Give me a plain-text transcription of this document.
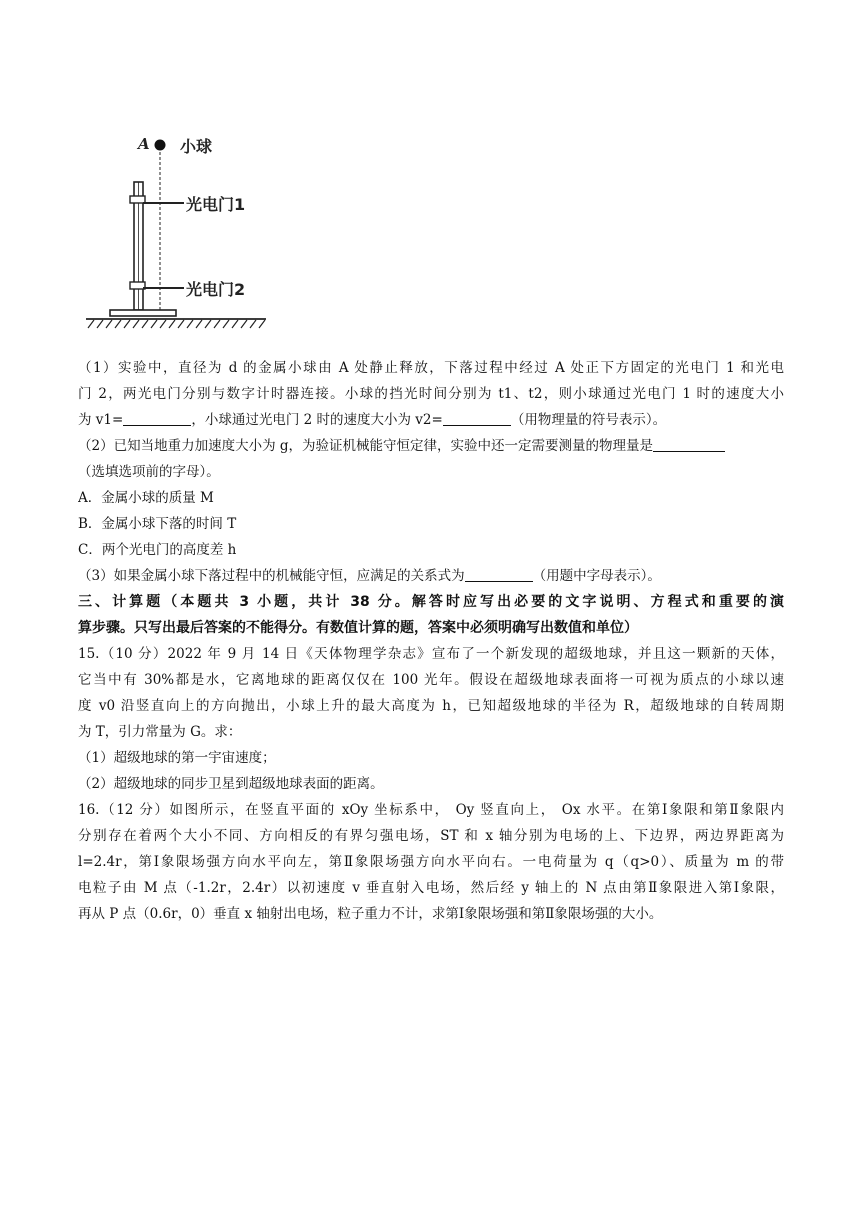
A 小球
光电门1
光电门2
（1）实验中，直径为 d 的金属小球由 A 处静止释放，下落过程中经过 A 处正下方固定的光电门 1 和光电
门 2，两光电门分别与数字计时器连接。小球的挡光时间分别为 t1、t2，则小球通过光电门 1 时的速度大小
为 v1=	，小球通过光电门 2 时的速度大小为 v2=	（用物理量的符号表示）。
（2）已知当地重力加速度大小为 g，为验证机械能守恒定律，实验中还一定需要测量的物理量是
（选填选项前的字母）。
A．金属小球的质量 M
B．金属小球下落的时间 T
C．两个光电门的高度差 h
（3）如果金属小球下落过程中的机械能守恒，应满足的关系式为	（用题中字母表示）。
三、计算题（本题共 3 小题，共计 38 分。解答时应写出必要的文字说明、方程式和重要的演
算步骤。只写出最后答案的不能得分。有数值计算的题，答案中必须明确写出数值和单位）
15.（10 分）2022 年 9 月 14 日《天体物理学杂志》宣布了一个新发现的超级地球，并且这一颗新的天体，
它当中有 30%都是水，它离地球的距离仅仅在 100 光年。假设在超级地球表面将一可视为质点的小球以速
度 v0 沿竖直向上的方向抛出，小球上升的最大高度为 h，已知超级地球的半径为 R，超级地球的自转周期
为 T，引力常量为 G。求：
（1）超级地球的第一宇宙速度；
（2）超级地球的同步卫星到超级地球表面的距离。
16.（12 分）如图所示，在竖直平面的 xOy 坐标系中， Oy 竖直向上， Ox 水平。在第Ⅰ象限和第Ⅱ象限内
分别存在着两个大小不同、方向相反的有界匀强电场，ST 和 x 轴分别为电场的上、下边界，两边界距离为
l=2.4r，第Ⅰ象限场强方向水平向左，第Ⅱ象限场强方向水平向右。一电荷量为 q（q>0）、质量为 m 的带
电粒子由 M 点（-1.2r，2.4r）以初速度 v 垂直射入电场，然后经 y 轴上的 N 点由第Ⅱ象限进入第Ⅰ象限，
再从 P 点（0.6r，0）垂直 x 轴射出电场，粒子重力不计，求第Ⅰ象限场强和第Ⅱ象限场强的大小。
